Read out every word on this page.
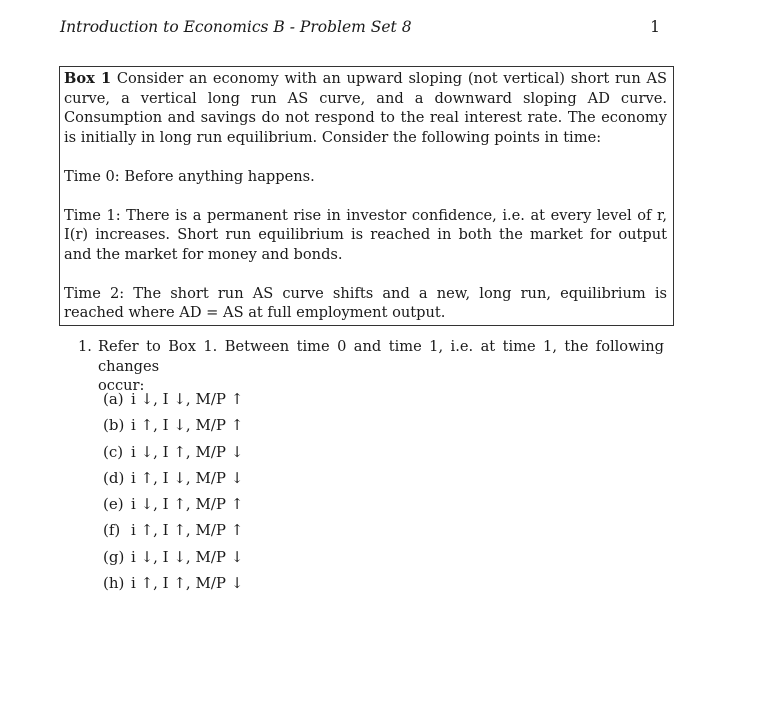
Introduction to Economics B - Problem Set 8	1

Box 1 Consider an economy with an upward sloping (not vertical) short run AS curve, a vertical long run AS curve, and a downward sloping AD curve. Consumption and savings do not respond to the real interest rate. The economy is initially in long run equilibrium. Consider the following points in time:

Time 0: Before anything happens.

Time 1: There is a permanent rise in investor confidence, i.e. at every level of r, I(r) increases. Short run equilibrium is reached in both the market for output and the market for money and bonds.

Time 2: The short run AS curve shifts and a new, long run, equilibrium is reached where AD = AS at full employment output.

1. Refer to Box 1. Between time 0 and time 1, i.e. at time 1, the following changes
occur:
(a) i ↓, I ↓, M/P ↑
(b) i ↑, I ↓, M/P ↑
(c) i ↓, I ↑, M/P ↓
(d) i ↑, I ↓, M/P ↓
(e) i ↓, I ↑, M/P ↑
(f) i ↑, I ↑, M/P ↑
(g) i ↓, I ↓, M/P ↓
(h) i ↑, I ↑, M/P ↓
